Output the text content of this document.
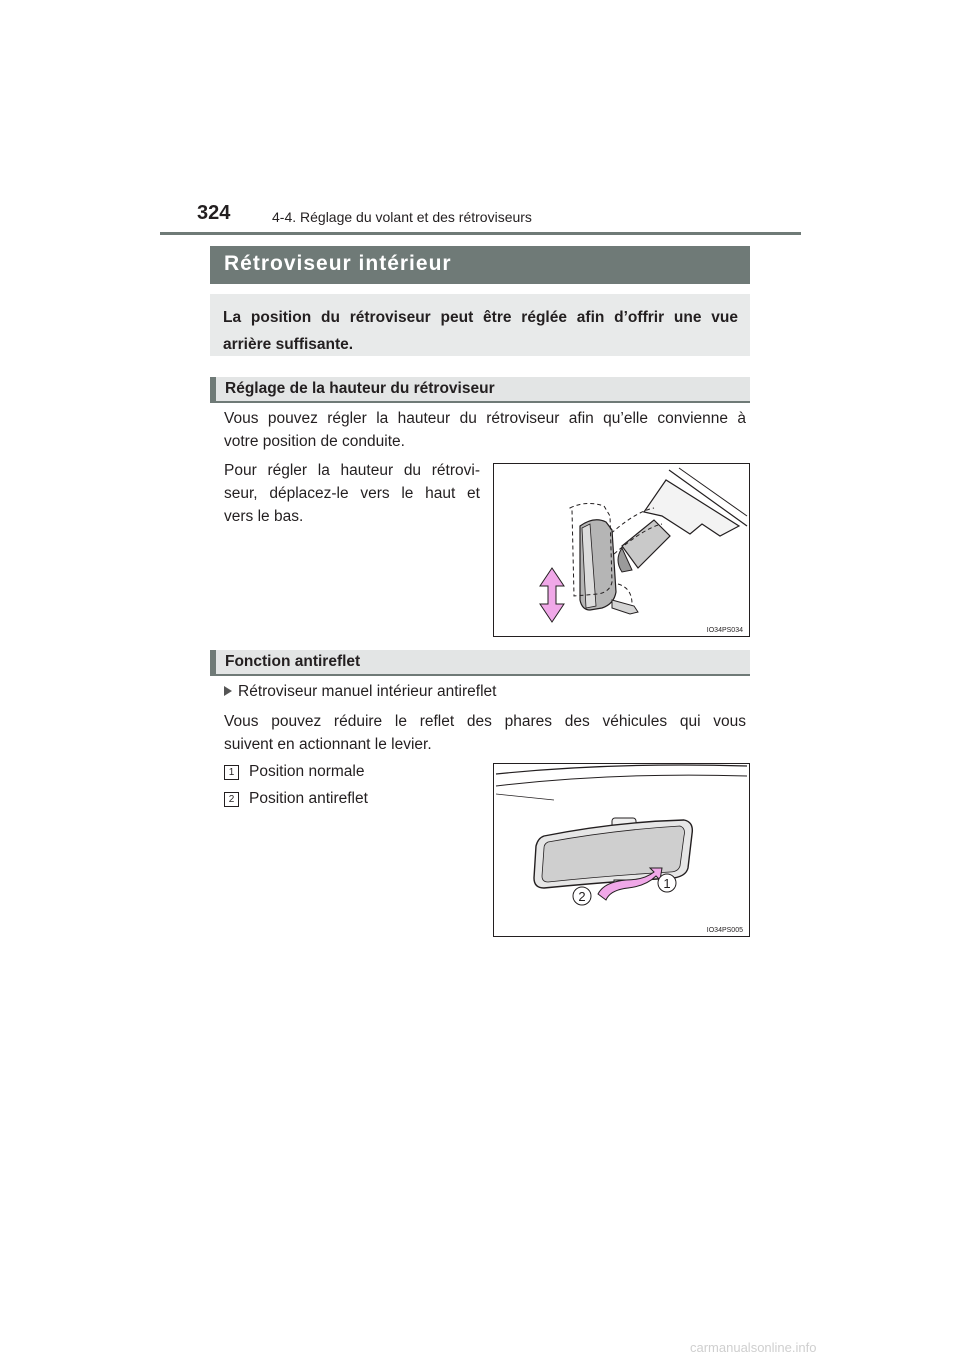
324	4-4. Réglage du volant et des rétroviseurs
Rétroviseur intérieur
La position du rétroviseur peut être réglée afin d’offrir une vue
arrière suffisante.
Réglage de la hauteur du rétroviseur
Vous pouvez régler la hauteur du rétroviseur afin qu’elle convienne à
votre position de conduite.
Pour régler la hauteur du rétrovi-
seur, déplacez-le vers le haut et
vers le bas.
IO34PS034
Fonction antireflet
Rétroviseur manuel intérieur antireflet
Vous pouvez réduire le reflet des phares des véhicules qui vous
suivent en actionnant le levier.
1 Position normale
2 Position antireflet
1
2
IO34PS005
carmanualsonline.info
